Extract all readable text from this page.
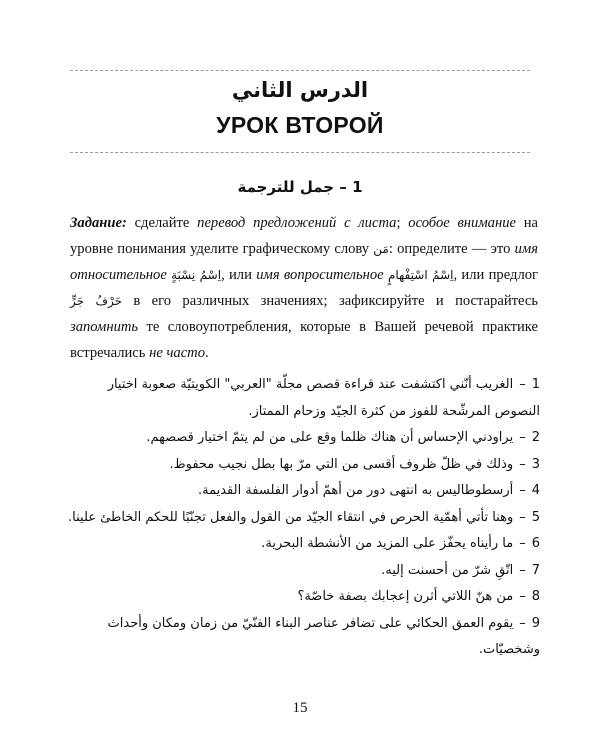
الدرس الثاني
УРОК ВТОРОЙ
1 – جمل للترجمة
Задание: сделайте перевод предложений с листа; особое внимание на уровне понимания уделите графическому слову مَن: определите — это имя относительное اِسْمُ نِسْبَةٍ, или имя вопросительное اِسْمُ اسْتِفْهامٍ, или предлог حَرْفُ جَرٍّ в его различных значениях; зафиксируйте и постарайтесь запомнить те словоупотребления, которые в Вашей речевой практике встречались не часто.
1–الغريب أنّني اكتشفت عند قراءة قصص مجلّة "العربي" الكويتيّة صعوبة اختيار النصوص المرشّحة للفوز من كثرة الجيّد وزحام الممتاز.
2–يراودني الإحساس أن هناك ظلما وقع على من لم يتمّ اختيار قصصهم.
3–وذلك في ظلّ ظروف أقسى من التي مرّ بها بطل نجيب محفوظ.
4–أرسطوطاليس به انتهى دور من أهمّ أدوار الفلسفة القديمة.
5–وهنا تأتي أهمّية الحرص في انتقاء الجيّد من القول والفعل تجنّبًا للحكم الخاطئ علينا.
6–ما رأيناه يحفّز على المزيد من الأنشطة البحرية.
7–اتّقِ شرّ من أحسنت إليه.
8–من هنّ اللاتي أثرن إعجابك بصفة خاصّة؟
9–يقوم العمق الحكائي على تضافر عناصر البناء الفنّيّ من زمان ومكان وأحداث وشخصيّات.
15
